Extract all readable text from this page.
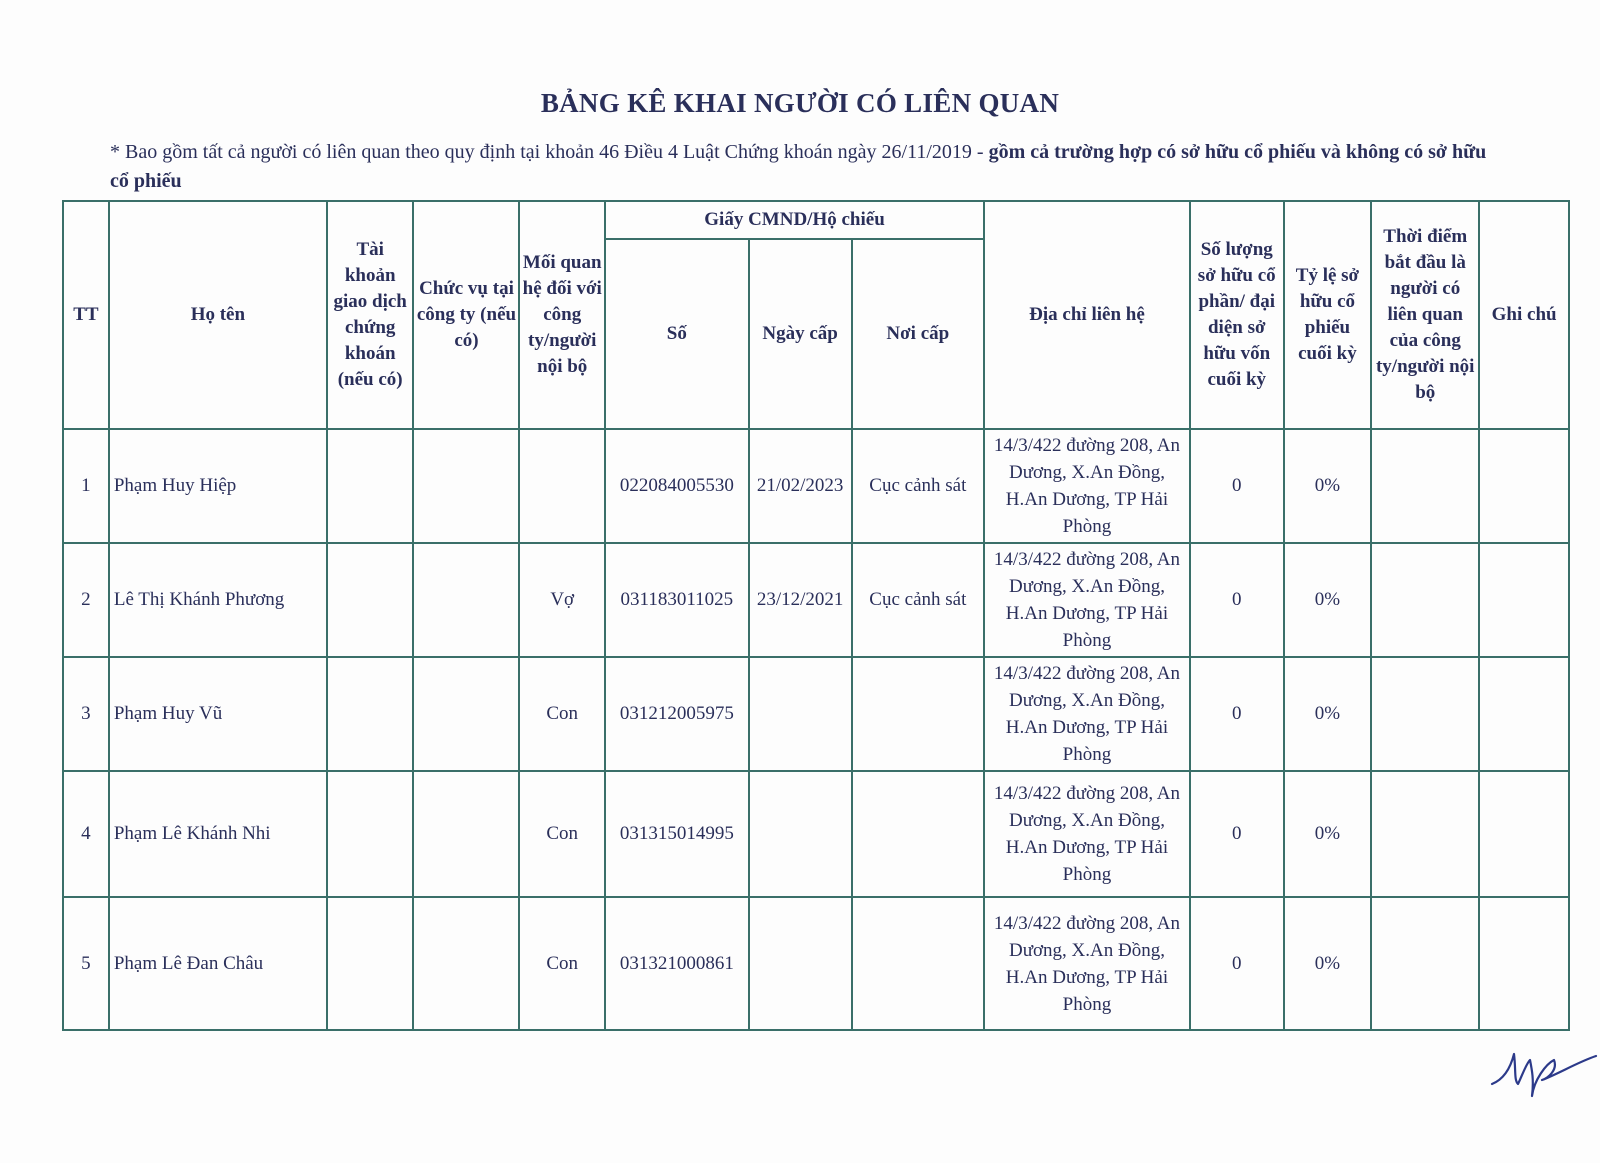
BẢNG KÊ KHAI NGƯỜI CÓ LIÊN QUAN
* Bao gồm tất cả người có liên quan theo quy định tại khoản 46 Điều 4 Luật Chứng khoán ngày 26/11/2019 - gồm cả trường hợp có sở hữu cổ phiếu và không có sở hữu cổ phiếu
TT	Họ tên	Tài khoản giao dịch chứng khoán (nếu có)	Chức vụ tại công ty (nếu có)	Mối quan hệ đối với công ty/người nội bộ	Giấy CMND/Hộ chiếu			Địa chỉ liên hệ	Số lượng sở hữu cổ phần/ đại diện sở hữu vốn cuối kỳ	Tỷ lệ sở hữu cổ phiếu cuối kỳ	Thời điểm bắt đầu là người có liên quan của công ty/người nội bộ	Ghi chú
					Số	Ngày cấp	Nơi cấp					
1	Phạm Huy Hiệp				022084005530	21/02/2023	Cục cảnh sát	14/3/422 đường 208, An Dương, X.An Đồng, H.An Dương, TP Hải Phòng	0	0%		
2	Lê Thị Khánh Phương			Vợ	031183011025	23/12/2021	Cục cảnh sát	14/3/422 đường 208, An Dương, X.An Đồng, H.An Dương, TP Hải Phòng	0	0%		
3	Phạm Huy Vũ			Con	031212005975			14/3/422 đường 208, An Dương, X.An Đồng, H.An Dương, TP Hải Phòng	0	0%		
4	Phạm Lê Khánh Nhi			Con	031315014995			14/3/422 đường 208, An Dương, X.An Đồng, H.An Dương, TP Hải Phòng	0	0%		
5	Phạm Lê Đan Châu			Con	031321000861			14/3/422 đường 208, An Dương, X.An Đồng, H.An Dương, TP Hải Phòng	0	0%		
